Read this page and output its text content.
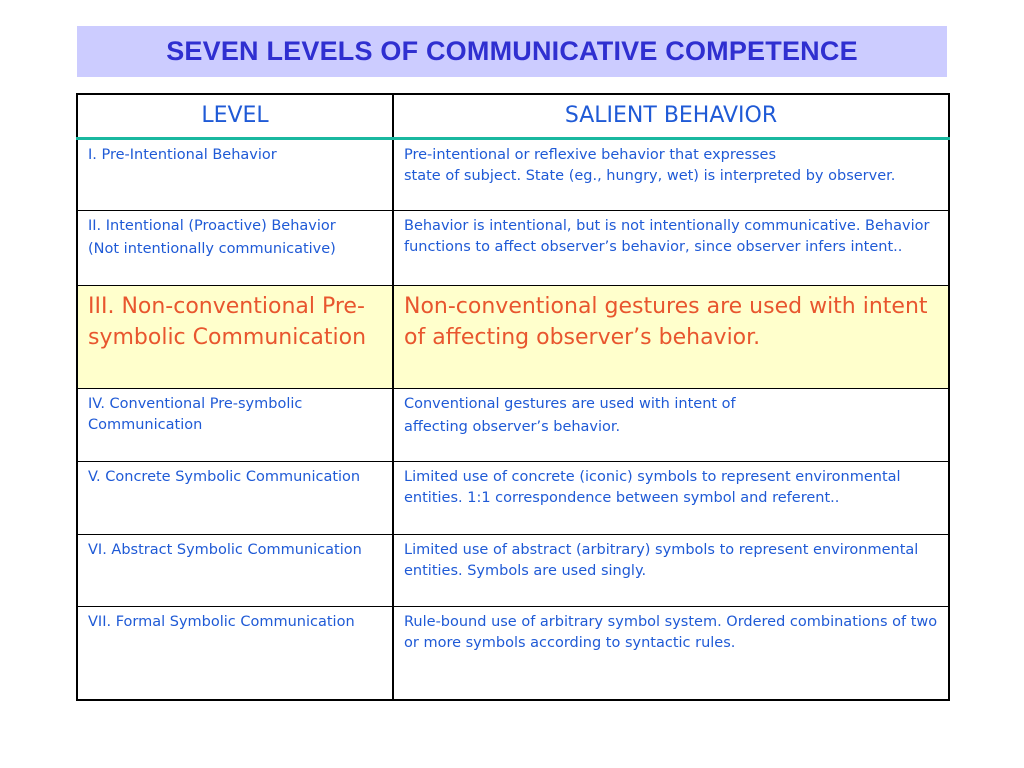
SEVEN LEVELS OF COMMUNICATIVE COMPETENCE
LEVEL	SALIENT BEHAVIOR
I. Pre-Intentional Behavior	Pre-intentional or reflexive behavior that expresses
state of subject. State (eg., hungry, wet) is interpreted by observer.

II. Intentional (Proactive) Behavior
(Not intentionally communicative)	Behavior is intentional, but is not intentionally communicative. Behavior functions to affect observer’s behavior, since observer infers intent..
III. Non-conventional Pre-symbolic Communication	Non-conventional gestures are used with intent of affecting observer’s behavior.
IV. Conventional Pre-symbolic Communication	Conventional gestures are used with intent of
affecting observer’s behavior.

V. Concrete Symbolic Communication	Limited use of concrete (iconic) symbols to represent environmental entities. 1:1 correspondence between symbol and referent..
VI. Abstract Symbolic Communication	Limited use of abstract (arbitrary) symbols to represent environmental entities. Symbols are used singly.
VII. Formal Symbolic Communication	Rule-bound use of arbitrary symbol system. Ordered combinations of two or more symbols according to syntactic rules.
